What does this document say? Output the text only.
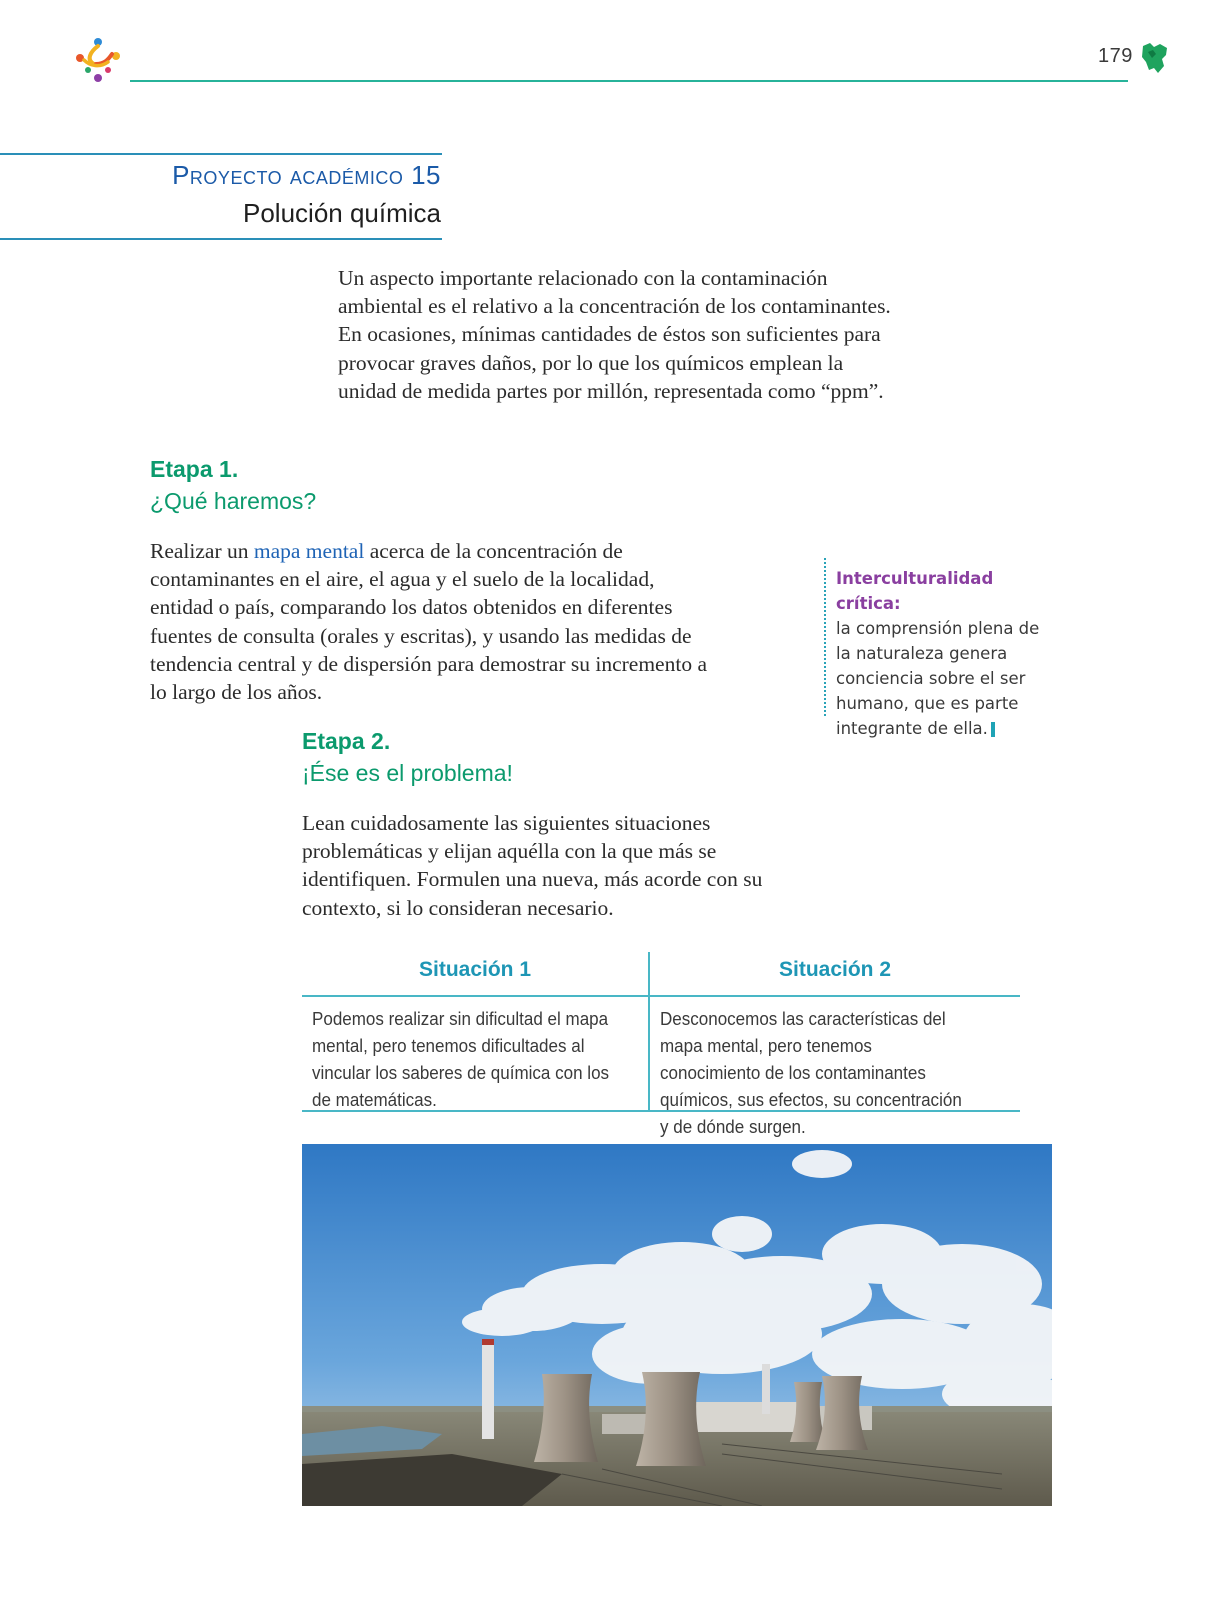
179
Proyecto académico 15
Polución química
Un aspecto importante relacionado con la contaminación ambiental es el relativo a la concentración de los contaminantes. En ocasiones, mínimas cantidades de éstos son suficientes para provocar graves daños, por lo que los químicos emplean la unidad de medida partes por millón, representada como “ppm”.
Etapa 1.
¿Qué haremos?
Realizar un mapa mental acerca de la concentración de contaminantes en el aire, el agua y el suelo de la localidad, entidad o país, comparando los datos obtenidos en diferentes fuentes de consulta (orales y escritas), y usando las medidas de tendencia central y de dispersión para demostrar su incremento a lo largo de los años.
Interculturalidad crítica:
la comprensión plena de la naturaleza genera conciencia sobre el ser humano, que es parte integrante de ella.
Etapa 2.
¡Ése es el problema!
Lean cuidadosamente las siguientes situaciones problemáticas y elijan aquélla con la que más se identifiquen. Formulen una nueva, más acorde con su contexto, si lo consideran necesario.
Situación 1
Podemos realizar sin dificultad el mapa mental, pero tenemos dificultades al vincular los saberes de química con los de matemáticas.
Situación 2
Desconocemos las características del mapa mental, pero tenemos conocimiento de los contaminantes químicos, sus efectos, su concentración y de dónde surgen.
